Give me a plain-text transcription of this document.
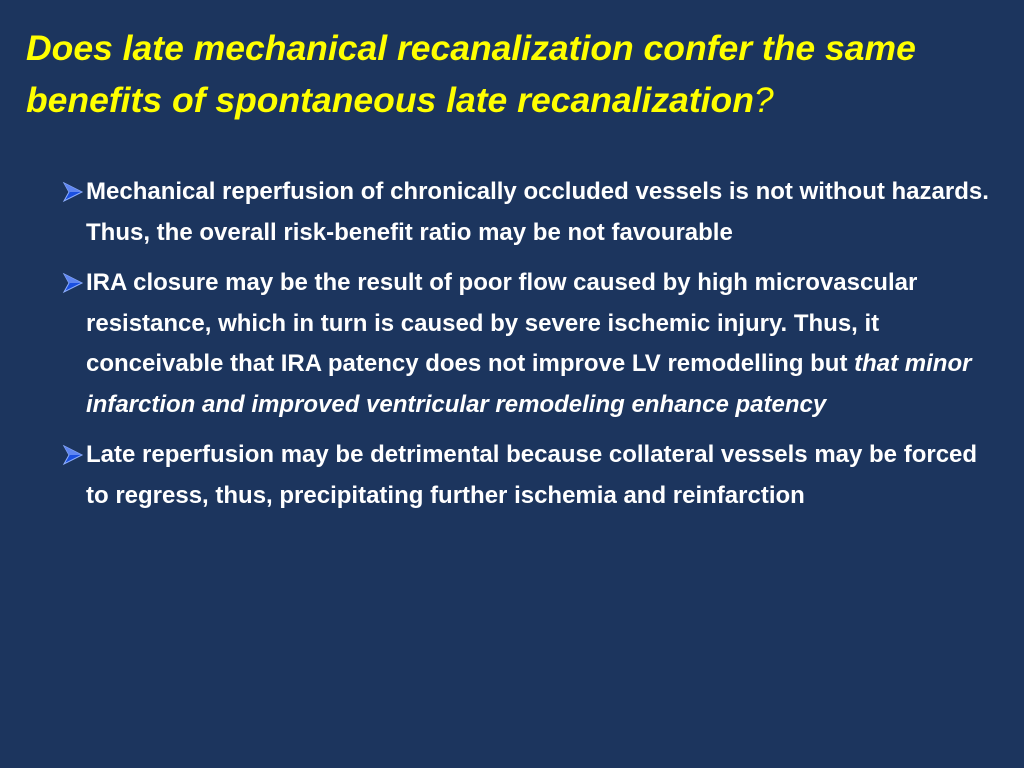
Does late mechanical recanalization confer the same benefits of spontaneous late recanalization?
Mechanical reperfusion of chronically occluded vessels is not without hazards. Thus, the overall risk-benefit ratio may be not favourable
IRA closure may be the result of poor flow caused by high microvascular resistance, which in turn is caused by severe ischemic injury. Thus, it conceivable that IRA patency does not improve LV remodelling but that minor infarction and improved ventricular remodeling enhance patency
Late reperfusion may be detrimental because collateral vessels may be forced to regress, thus, precipitating further ischemia and reinfarction
